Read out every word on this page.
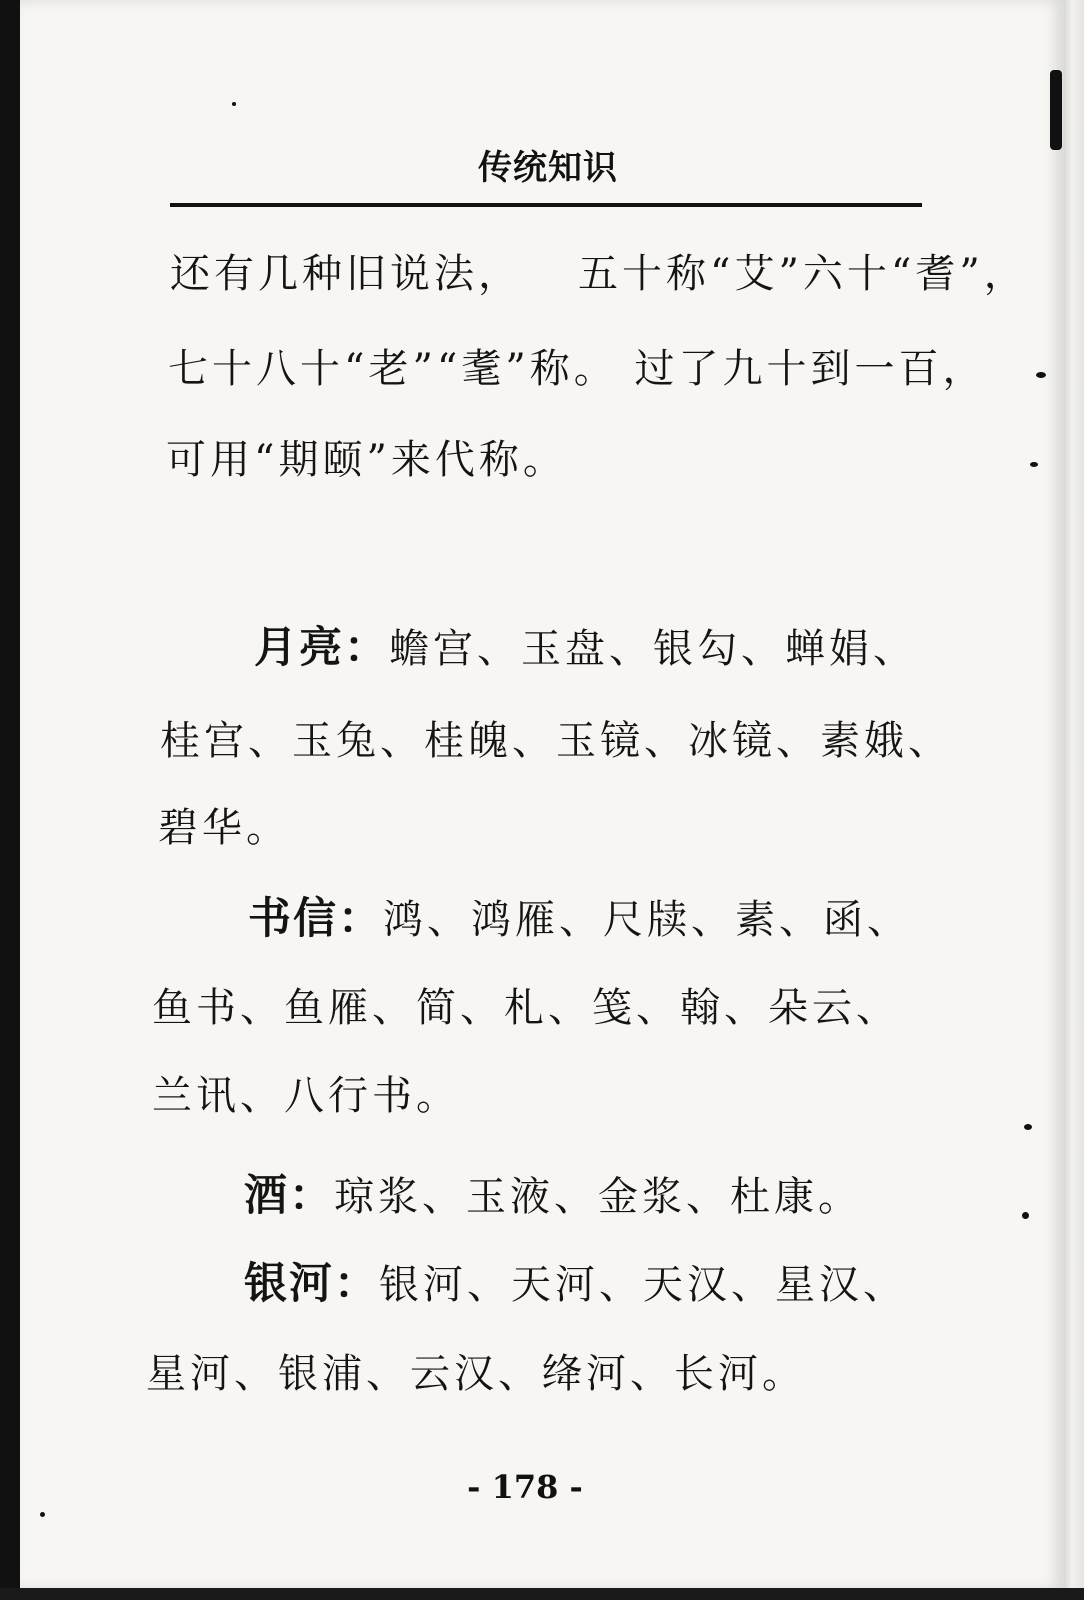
传统知识
还有几种旧说法， 五十称“艾”六十“耆”，
七十八十“老”“耄”称。 过了九十到一百，
可用“期颐”来代称。
月亮：蟾宫、玉盘、银勾、蝉娟、
桂宫、玉兔、桂魄、玉镜、冰镜、素娥、
碧华。
书信：鸿、鸿雁、尺牍、素、函、
鱼书、鱼雁、简、札、笺、翰、朵云、
兰讯、八行书。
酒：琼浆、玉液、金浆、杜康。
银河：银河、天河、天汉、星汉、
星河、银浦、云汉、绛河、长河。
- 178 -
